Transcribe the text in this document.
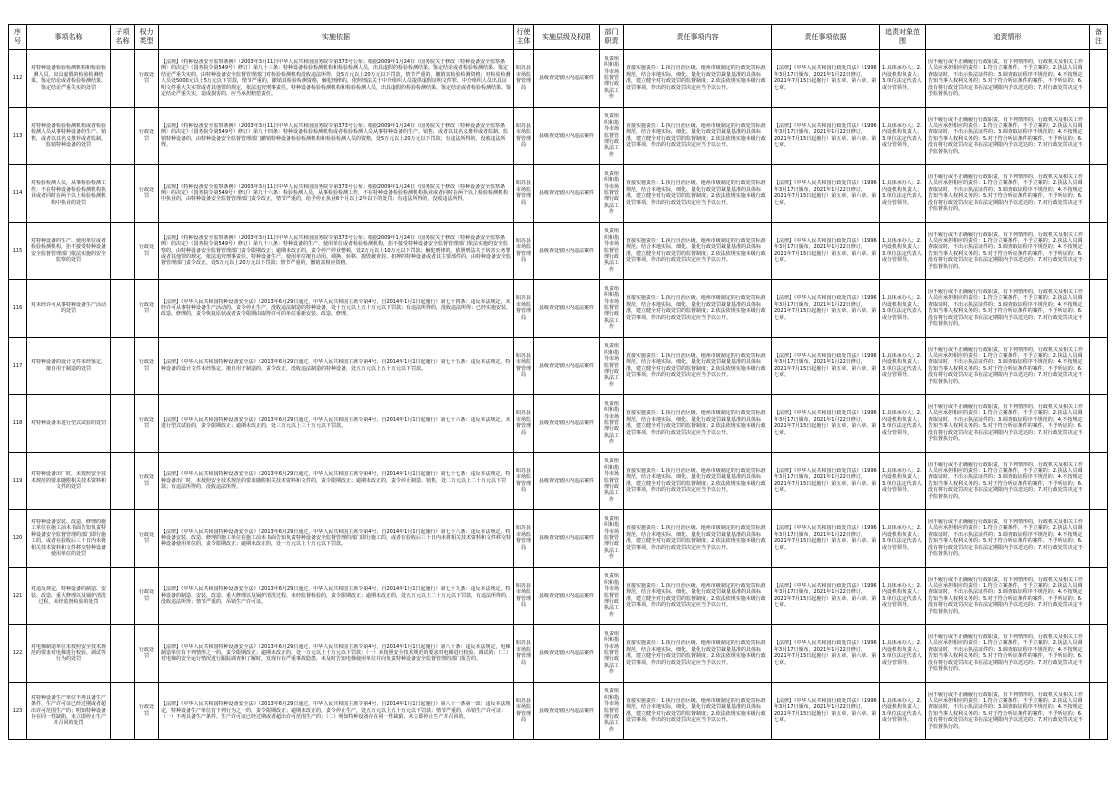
序号	事项名称	子项名称	权力类型	实施依据	行使主体	实施层级及权限	部门职责	责任事项内容	责任事项依据	追责对象范围	追责情形	备注

112	对特种设备检验检测机构和检验检测人员，出具虚假的检验检测结果、鉴定结论或者检验检测结果、鉴定结论严重失实的处罚		行政处罚	【法规】《特种设备安全监察条例》（2003年3月11日中华人民共和国国务院令第373号公布；根据2009年1月24日《国务院关于修改〈特种设备安全监察条例〉的决定》（国务院令第549号）修订）第九十三条：特种设备检验检测机构和检验检测人员，出具虚假的检验检测结果、鉴定结论或者检验检测结果、鉴定结论严重失实的，由特种设备安全监督管理部门对检验检测机构没收违法所得，处5万元以上20万元以下罚款，情节严重的，撤销其检验检测资格；对检验检测人员处5000元以上5万元以下罚款，情节严重的，撤销其检验检测资格，触犯刑律的，依照刑法关于中介组织人员提供虚假证明文件罪、中介组织人员出具证明文件重大失实罪或者其他罪的规定，依法追究刑事责任。特种设备检验检测机构和检验检测人员，出具虚假的检验检测结果、鉴定结论或者检验检测结果、鉴定结论严重失实，造成损害的，应当承担赔偿责任。	昭苏县市场监督管理局	县级查处辖区内违法案件	负责组织和指导市场监督管理行政执法工作	直接实施责任：1.执行自治区级、地州市级制定的行政处罚标准规范，结合本地实际，细化、量化行政处罚裁量基准的具体标准，建立健全对行政处罚的监督制度；2.依法依规实施本级行政处罚事项，作出的行政处罚决定应当予以公开。	【法律】《中华人民共和国行政处罚法》（1996年3月17日颁布，2021年1月22日修订，2021年7月15日起施行）第五章、第六章、第七章。	1.具体承办人；2.内设机构负责人；3.单位法定代表人或分管领导。	因不履行或不正确履行行政职责，有下列情形的，行政机关及相关工作人员应承担相应的责任：1.符合立案条件，不予立案的；2.执法人员调查取证时，不出示执法证件的；3.调查取证程序不规范的；4.不按规定告知当事人权利义务的；5.对于符合听证条件的案件，不予听证的；6.没有将行政处罚决定书在法定期限内予以送达的；7.对行政处罚决定不予监督执行的。	

113	对特种设备检验检测机构或者检验检测人员从事特种设备的生产、销售，或者以其名义推荐或者监制、监销特种设备的处罚		行政处罚	【法规】《特种设备安全监察条例》（2003年3月11日中华人民共和国国务院令第373号公布；根据2009年1月24日《国务院关于修改〈特种设备安全监察条例〉的决定》（国务院令第549号）修订）第九十四条：特种设备检验检测机构或者检验检测人员从事特种设备的生产、销售，或者以其名义推荐或者监制、监销特种设备的，由特种设备安全监督管理部门撤销特种设备检验检测机构和检验检测人员的资格，处5万元以上20万元以下罚款；有违法所得的，没收违法所得。	昭苏县市场监督管理局	县级查处辖区内违法案件	负责组织和指导市场监督管理行政执法工作	直接实施责任：1.执行自治区级、地州市级制定的行政处罚标准规范，结合本地实际，细化、量化行政处罚裁量基准的具体标准，建立健全对行政处罚的监督制度；2.依法依规实施本级行政处罚事项，作出的行政处罚决定应当予以公开。	【法律】《中华人民共和国行政处罚法》（1996年3月17日颁布，2021年1月22日修订，2021年7月15日起施行）第五章、第六章、第七章。	1.具体承办人；2.内设机构负责人；3.单位法定代表人或分管领导。	因不履行或不正确履行行政职责，有下列情形的，行政机关及相关工作人员应承担相应的责任：1.符合立案条件，不予立案的；2.执法人员调查取证时，不出示执法证件的；3.调查取证程序不规范的；4.不按规定告知当事人权利义务的；5.对于符合听证条件的案件，不予听证的；6.没有将行政处罚决定书在法定期限内予以送达的；7.对行政处罚决定不予监督执行的。	

114	对检验检测人员，从事检验检测工作，不在特种设备检验检测机构执业或者同时在两个以上检验检测机构中执业的处罚		行政处罚	【法规】《特种设备安全监察条例》（2003年3月11日中华人民共和国国务院令第373号公布；根据2009年1月24日《国务院关于修改〈特种设备安全监察条例〉的决定》（国务院令第549号）修订）第九十六条：检验检测人员，从事检验检测工作，不在特种设备检验检测机构执业或者同时在两个以上检验检测机构中执业的，由特种设备安全监督管理部门责令改正，情节严重的，给予停止执业6个月以上2年以下的处罚；有违法所得的，没收违法所得。	昭苏县市场监督管理局	县级查处辖区内违法案件	负责组织和指导市场监督管理行政执法工作	直接实施责任：1.执行自治区级、地州市级制定的行政处罚标准规范，结合本地实际，细化、量化行政处罚裁量基准的具体标准，建立健全对行政处罚的监督制度；2.依法依规实施本级行政处罚事项，作出的行政处罚决定应当予以公开。	【法律】《中华人民共和国行政处罚法》（1996年3月17日颁布，2021年1月22日修订，2021年7月15日起施行）第五章、第六章、第七章。	1.具体承办人；2.内设机构负责人；3.单位法定代表人或分管领导。	因不履行或不正确履行行政职责，有下列情形的，行政机关及相关工作人员应承担相应的责任：1.符合立案条件，不予立案的；2.执法人员调查取证时，不出示执法证件的；3.调查取证程序不规范的；4.不按规定告知当事人权利义务的；5.对于符合听证条件的案件，不予听证的；6.没有将行政处罚决定书在法定期限内予以送达的；7.对行政处罚决定不予监督执行的。	

115	对特种设备的生产、使用单位或者检验检测机构，拒不接受特种设备安全监督管理部门依法实施的安全监察的处罚		行政处罚	【法规】《特种设备安全监察条例》（2003年3月11日中华人民共和国国务院令第373号公布；根据2009年1月24日《国务院关于修改〈特种设备安全监察条例〉的决定》（国务院令第549号）修订）第九十八条：特种设备的生产、使用单位或者检验检测机构，拒不接受特种设备安全监督管理部门依法实施的安全监察的，由特种设备安全监督管理部门责令限期改正；逾期未改正的，责令停产停业整顿，处2万元以上10万元以下罚款；触犯刑律的，依照刑法关于妨害公务罪或者其他罪的规定，依法追究刑事责任。特种设备生产、使用单位擅自动用、调换、转移、损毁被查封、扣押的特种设备或者其主要部件的，由特种设备安全监督管理部门责令改正，处5万元以上20万元以下罚款；情节严重的，撤销其相应资格。	昭苏县市场监督管理局	县级查处辖区内违法案件	负责组织和指导市场监督管理行政执法工作	直接实施责任：1.执行自治区级、地州市级制定的行政处罚标准规范，结合本地实际，细化、量化行政处罚裁量基准的具体标准，建立健全对行政处罚的监督制度；2.依法依规实施本级行政处罚事项，作出的行政处罚决定应当予以公开。	【法律】《中华人民共和国行政处罚法》（1996年3月17日颁布，2021年1月22日修订，2021年7月15日起施行）第五章、第六章、第七章。	1.具体承办人；2.内设机构负责人；3.单位法定代表人或分管领导。	因不履行或不正确履行行政职责，有下列情形的，行政机关及相关工作人员应承担相应的责任：1.符合立案条件，不予立案的；2.执法人员调查取证时，不出示执法证件的；3.调查取证程序不规范的；4.不按规定告知当事人权利义务的；5.对于符合听证条件的案件，不予听证的；6.没有将行政处罚决定书在法定期限内予以送达的；7.对行政处罚决定不予监督执行的。	

116	对未经许可从事特种设备生产活动的处罚		行政处罚	【法律】《中华人民共和国特种设备安全法》（2013年6月29日通过，中华人民共和国主席令第4号，自2014年1月1日起施行）第七十四条：违反本法规定，未经许可从事特种设备生产活动的，责令停止生产，没收违法制造的特种设备，处十万元以上五十万元以下罚款；有违法所得的，没收违法所得；已经实施安装、改造、修理的，责令恢复原状或者责令限期由取得许可的单位重新安装、改造、修理。	昭苏县市场监督管理局	县级查处辖区内违法案件	负责组织和指导市场监督管理行政执法工作	直接实施责任：1.执行自治区级、地州市级制定的行政处罚标准规范，结合本地实际，细化、量化行政处罚裁量基准的具体标准，建立健全对行政处罚的监督制度；2.依法依规实施本级行政处罚事项，作出的行政处罚决定应当予以公开。	【法律】《中华人民共和国行政处罚法》（1996年3月17日颁布，2021年1月22日修订，2021年7月15日起施行）第五章、第六章、第七章。	1.具体承办人；2.内设机构负责人；3.单位法定代表人或分管领导。	因不履行或不正确履行行政职责，有下列情形的，行政机关及相关工作人员应承担相应的责任：1.符合立案条件，不予立案的；2.执法人员调查取证时，不出示执法证件的；3.调查取证程序不规范的；4.不按规定告知当事人权利义务的；5.对于符合听证条件的案件，不予听证的；6.没有将行政处罚决定书在法定期限内予以送达的；7.对行政处罚决定不予监督执行的。	

117	对特种设备的设计文件未经鉴定，擅自用于制造的处罚		行政处罚	【法律】《中华人民共和国特种设备安全法》（2013年6月29日通过，中华人民共和国主席令第4号，自2014年1月1日起施行）第七十五条：违反本法规定，特种设备的设计文件未经鉴定，擅自用于制造的，责令改正，没收违法制造的特种设备，处五万元以上五十万元以下罚款。	昭苏县市场监督管理局	县级查处辖区内违法案件	负责组织和指导市场监督管理行政执法工作	直接实施责任：1.执行自治区级、地州市级制定的行政处罚标准规范，结合本地实际，细化、量化行政处罚裁量基准的具体标准，建立健全对行政处罚的监督制度；2.依法依规实施本级行政处罚事项，作出的行政处罚决定应当予以公开。	【法律】《中华人民共和国行政处罚法》（1996年3月17日颁布，2021年1月22日修订，2021年7月15日起施行）第五章、第六章、第七章。	1.具体承办人；2.内设机构负责人；3.单位法定代表人或分管领导。	因不履行或不正确履行行政职责，有下列情形的，行政机关及相关工作人员应承担相应的责任：1.符合立案条件，不予立案的；2.执法人员调查取证时，不出示执法证件的；3.调查取证程序不规范的；4.不按规定告知当事人权利义务的；5.对于符合听证条件的案件，不予听证的；6.没有将行政处罚决定书在法定期限内予以送达的；7.对行政处罚决定不予监督执行的。	

118	对特种设备未进行型式试验的处罚		行政处罚	【法律】《中华人民共和国特种设备安全法》（2013年6月29日通过，中华人民共和国主席令第4号，自2014年1月1日起施行）第七十六条：违反本法规定，未进行型式试验的，责令限期改正；逾期未改正的，处三万元以上三十万元以下罚款。	昭苏县市场监督管理局	县级查处辖区内违法案件	负责组织和指导市场监督管理行政执法工作	直接实施责任：1.执行自治区级、地州市级制定的行政处罚标准规范，结合本地实际，细化、量化行政处罚裁量基准的具体标准，建立健全对行政处罚的监督制度；2.依法依规实施本级行政处罚事项，作出的行政处罚决定应当予以公开。	【法律】《中华人民共和国行政处罚法》（1996年3月17日颁布，2021年1月22日修订，2021年7月15日起施行）第五章、第六章、第七章。	1.具体承办人；2.内设机构负责人；3.单位法定代表人或分管领导。	因不履行或不正确履行行政职责，有下列情形的，行政机关及相关工作人员应承担相应的责任：1.符合立案条件，不予立案的；2.执法人员调查取证时，不出示执法证件的；3.调查取证程序不规范的；4.不按规定告知当事人权利义务的；5.对于符合听证条件的案件，不予听证的；6.没有将行政处罚决定书在法定期限内予以送达的；7.对行政处罚决定不予监督执行的。	

119	对特种设备出厂时，未按照安全技术规范的要求随附相关技术资料和文件的处罚		行政处罚	【法律】《中华人民共和国特种设备安全法》（2013年6月29日通过，中华人民共和国主席令第4号，自2014年1月1日起施行）第七十七条：违反本法规定，特种设备出厂时，未按照安全技术规范的要求随附相关技术资料和文件的，责令限期改正；逾期未改正的，责令停止制造、销售，处二万元以上二十万元以下罚款；有违法所得的，没收违法所得。	昭苏县市场监督管理局	县级查处辖区内违法案件	负责组织和指导市场监督管理行政执法工作	直接实施责任：1.执行自治区级、地州市级制定的行政处罚标准规范，结合本地实际，细化、量化行政处罚裁量基准的具体标准，建立健全对行政处罚的监督制度；2.依法依规实施本级行政处罚事项，作出的行政处罚决定应当予以公开。	【法律】《中华人民共和国行政处罚法》（1996年3月17日颁布，2021年1月22日修订，2021年7月15日起施行）第五章、第六章、第七章。	1.具体承办人；2.内设机构负责人；3.单位法定代表人或分管领导。	因不履行或不正确履行行政职责，有下列情形的，行政机关及相关工作人员应承担相应的责任：1.符合立案条件，不予立案的；2.执法人员调查取证时，不出示执法证件的；3.调查取证程序不规范的；4.不按规定告知当事人权利义务的；5.对于符合听证条件的案件，不予听证的；6.没有将行政处罚决定书在法定期限内予以送达的；7.对行政处罚决定不予监督执行的。	

120	对特种设备安装、改造、修理的施工单位在施工前未书面告知负责特种设备安全监督管理的部门即行施工的，或者在验收后三十日内未将相关技术资料和文件移交特种设备使用单位的处罚		行政处罚	【法律】《中华人民共和国特种设备安全法》（2013年6月29日通过，中华人民共和国主席令第4号，自2014年1月1日起施行）第七十八条：违反本法规定，特种设备安装、改造、修理的施工单位在施工前未书面告知负责特种设备安全监督管理的部门即行施工的，或者在验收后三十日内未将相关技术资料和文件移交特种设备使用单位的，责令限期改正；逾期未改正的，处一万元以上十万元以下罚款。	昭苏县市场监督管理局	县级查处辖区内违法案件	负责组织和指导市场监督管理行政执法工作	直接实施责任：1.执行自治区级、地州市级制定的行政处罚标准规范，结合本地实际，细化、量化行政处罚裁量基准的具体标准，建立健全对行政处罚的监督制度；2.依法依规实施本级行政处罚事项，作出的行政处罚决定应当予以公开。	【法律】《中华人民共和国行政处罚法》（1996年3月17日颁布，2021年1月22日修订，2021年7月15日起施行）第五章、第六章、第七章。	1.具体承办人；2.内设机构负责人；3.单位法定代表人或分管领导。	因不履行或不正确履行行政职责，有下列情形的，行政机关及相关工作人员应承担相应的责任：1.符合立案条件，不予立案的；2.执法人员调查取证时，不出示执法证件的；3.调查取证程序不规范的；4.不按规定告知当事人权利义务的；5.对于符合听证条件的案件，不予听证的；6.没有将行政处罚决定书在法定期限内予以送达的；7.对行政处罚决定不予监督执行的。	

121	对违反规定，特种设备的制造、安装、改造、重大修理以及锅炉清洗过程，未经监督检验的处罚		行政处罚	【法律】《中华人民共和国特种设备安全法》（2013年6月29日通过，中华人民共和国主席令第4号，自2014年1月1日起施行）第七十九条：违反本法规定，特种设备的制造、安装、改造、重大修理以及锅炉清洗过程，未经监督检验的，责令限期改正；逾期未改正的，处五万元以上二十万元以下罚款，有违法所得的，没收违法所得；情节严重的，吊销生产许可证。	昭苏县市场监督管理局	县级查处辖区内违法案件	负责组织和指导市场监督管理行政执法工作	直接实施责任：1.执行自治区级、地州市级制定的行政处罚标准规范，结合本地实际，细化、量化行政处罚裁量基准的具体标准，建立健全对行政处罚的监督制度；2.依法依规实施本级行政处罚事项，作出的行政处罚决定应当予以公开。	【法律】《中华人民共和国行政处罚法》（1996年3月17日颁布，2021年1月22日修订，2021年7月15日起施行）第五章、第六章、第七章。	1.具体承办人；2.内设机构负责人；3.单位法定代表人或分管领导。	因不履行或不正确履行行政职责，有下列情形的，行政机关及相关工作人员应承担相应的责任：1.符合立案条件，不予立案的；2.执法人员调查取证时，不出示执法证件的；3.调查取证程序不规范的；4.不按规定告知当事人权利义务的；5.对于符合听证条件的案件，不予听证的；6.没有将行政处罚决定书在法定期限内予以送达的；7.对行政处罚决定不予监督执行的。	

122	对电梯制造单位未按照安全技术规范的要求对电梯进行校验、调试等行为的处罚		行政处罚	【法律】《中华人民共和国特种设备安全法》（2013年6月29日通过，中华人民共和国主席令第4号，自2014年1月1日起施行）第八十条：违反本法规定，电梯制造单位有下列情形之一的，责令限期改正；逾期未改正的，处一万元以上十万元以下罚款：（一）未按照安全技术规范的要求对电梯进行校验、调试的；（二）对电梯的安全运行情况进行跟踪调查和了解时，发现存在严重事故隐患，未及时告知电梯使用单位并向负责特种设备安全监督管理的部门报告的。	昭苏县市场监督管理局	县级查处辖区内违法案件	负责组织和指导市场监督管理行政执法工作	直接实施责任：1.执行自治区级、地州市级制定的行政处罚标准规范，结合本地实际，细化、量化行政处罚裁量基准的具体标准，建立健全对行政处罚的监督制度；2.依法依规实施本级行政处罚事项，作出的行政处罚决定应当予以公开。	【法律】《中华人民共和国行政处罚法》（1996年3月17日颁布，2021年1月22日修订，2021年7月15日起施行）第五章、第六章、第七章。	1.具体承办人；2.内设机构负责人；3.单位法定代表人或分管领导。	因不履行或不正确履行行政职责，有下列情形的，行政机关及相关工作人员应承担相应的责任：1.符合立案条件，不予立案的；2.执法人员调查取证时，不出示执法证件的；3.调查取证程序不规范的；4.不按规定告知当事人权利义务的；5.对于符合听证条件的案件，不予听证的；6.没有将行政处罚决定书在法定期限内予以送达的；7.对行政处罚决定不予监督执行的。	

123	对特种设备生产单位不再具备生产条件、生产许可证已经过期或者超出许可范围生产的；明知特种设备存在同一性缺陷，未立即停止生产并召回的处罚		行政处罚	【法律】《中华人民共和国特种设备安全法》（2013年6月29日通过，中华人民共和国主席令第4号，自2014年1月1日起施行）第八十一条第一款：违反本法规定，特种设备生产单位有下列行为之一的，责令限期改正；逾期未改正的，责令停止生产，处五万元以上五十万元以下罚款；情节严重的，吊销生产许可证：（一）不再具备生产条件、生产许可证已经过期或者超出许可范围生产的；（二）明知特种设备存在同一性缺陷，未立即停止生产并召回的。	昭苏县市场监督管理局	县级查处辖区内违法案件	负责组织和指导市场监督管理行政执法工作	直接实施责任：1.执行自治区级、地州市级制定的行政处罚标准规范，结合本地实际，细化、量化行政处罚裁量基准的具体标准，建立健全对行政处罚的监督制度；2.依法依规实施本级行政处罚事项，作出的行政处罚决定应当予以公开。	【法律】《中华人民共和国行政处罚法》（1996年3月17日颁布，2021年1月22日修订，2021年7月15日起施行）第五章、第六章、第七章。	1.具体承办人；2.内设机构负责人；3.单位法定代表人或分管领导。	因不履行或不正确履行行政职责，有下列情形的，行政机关及相关工作人员应承担相应的责任：1.符合立案条件，不予立案的；2.执法人员调查取证时，不出示执法证件的；3.调查取证程序不规范的；4.不按规定告知当事人权利义务的；5.对于符合听证条件的案件，不予听证的；6.没有将行政处罚决定书在法定期限内予以送达的；7.对行政处罚决定不予监督执行的。	
